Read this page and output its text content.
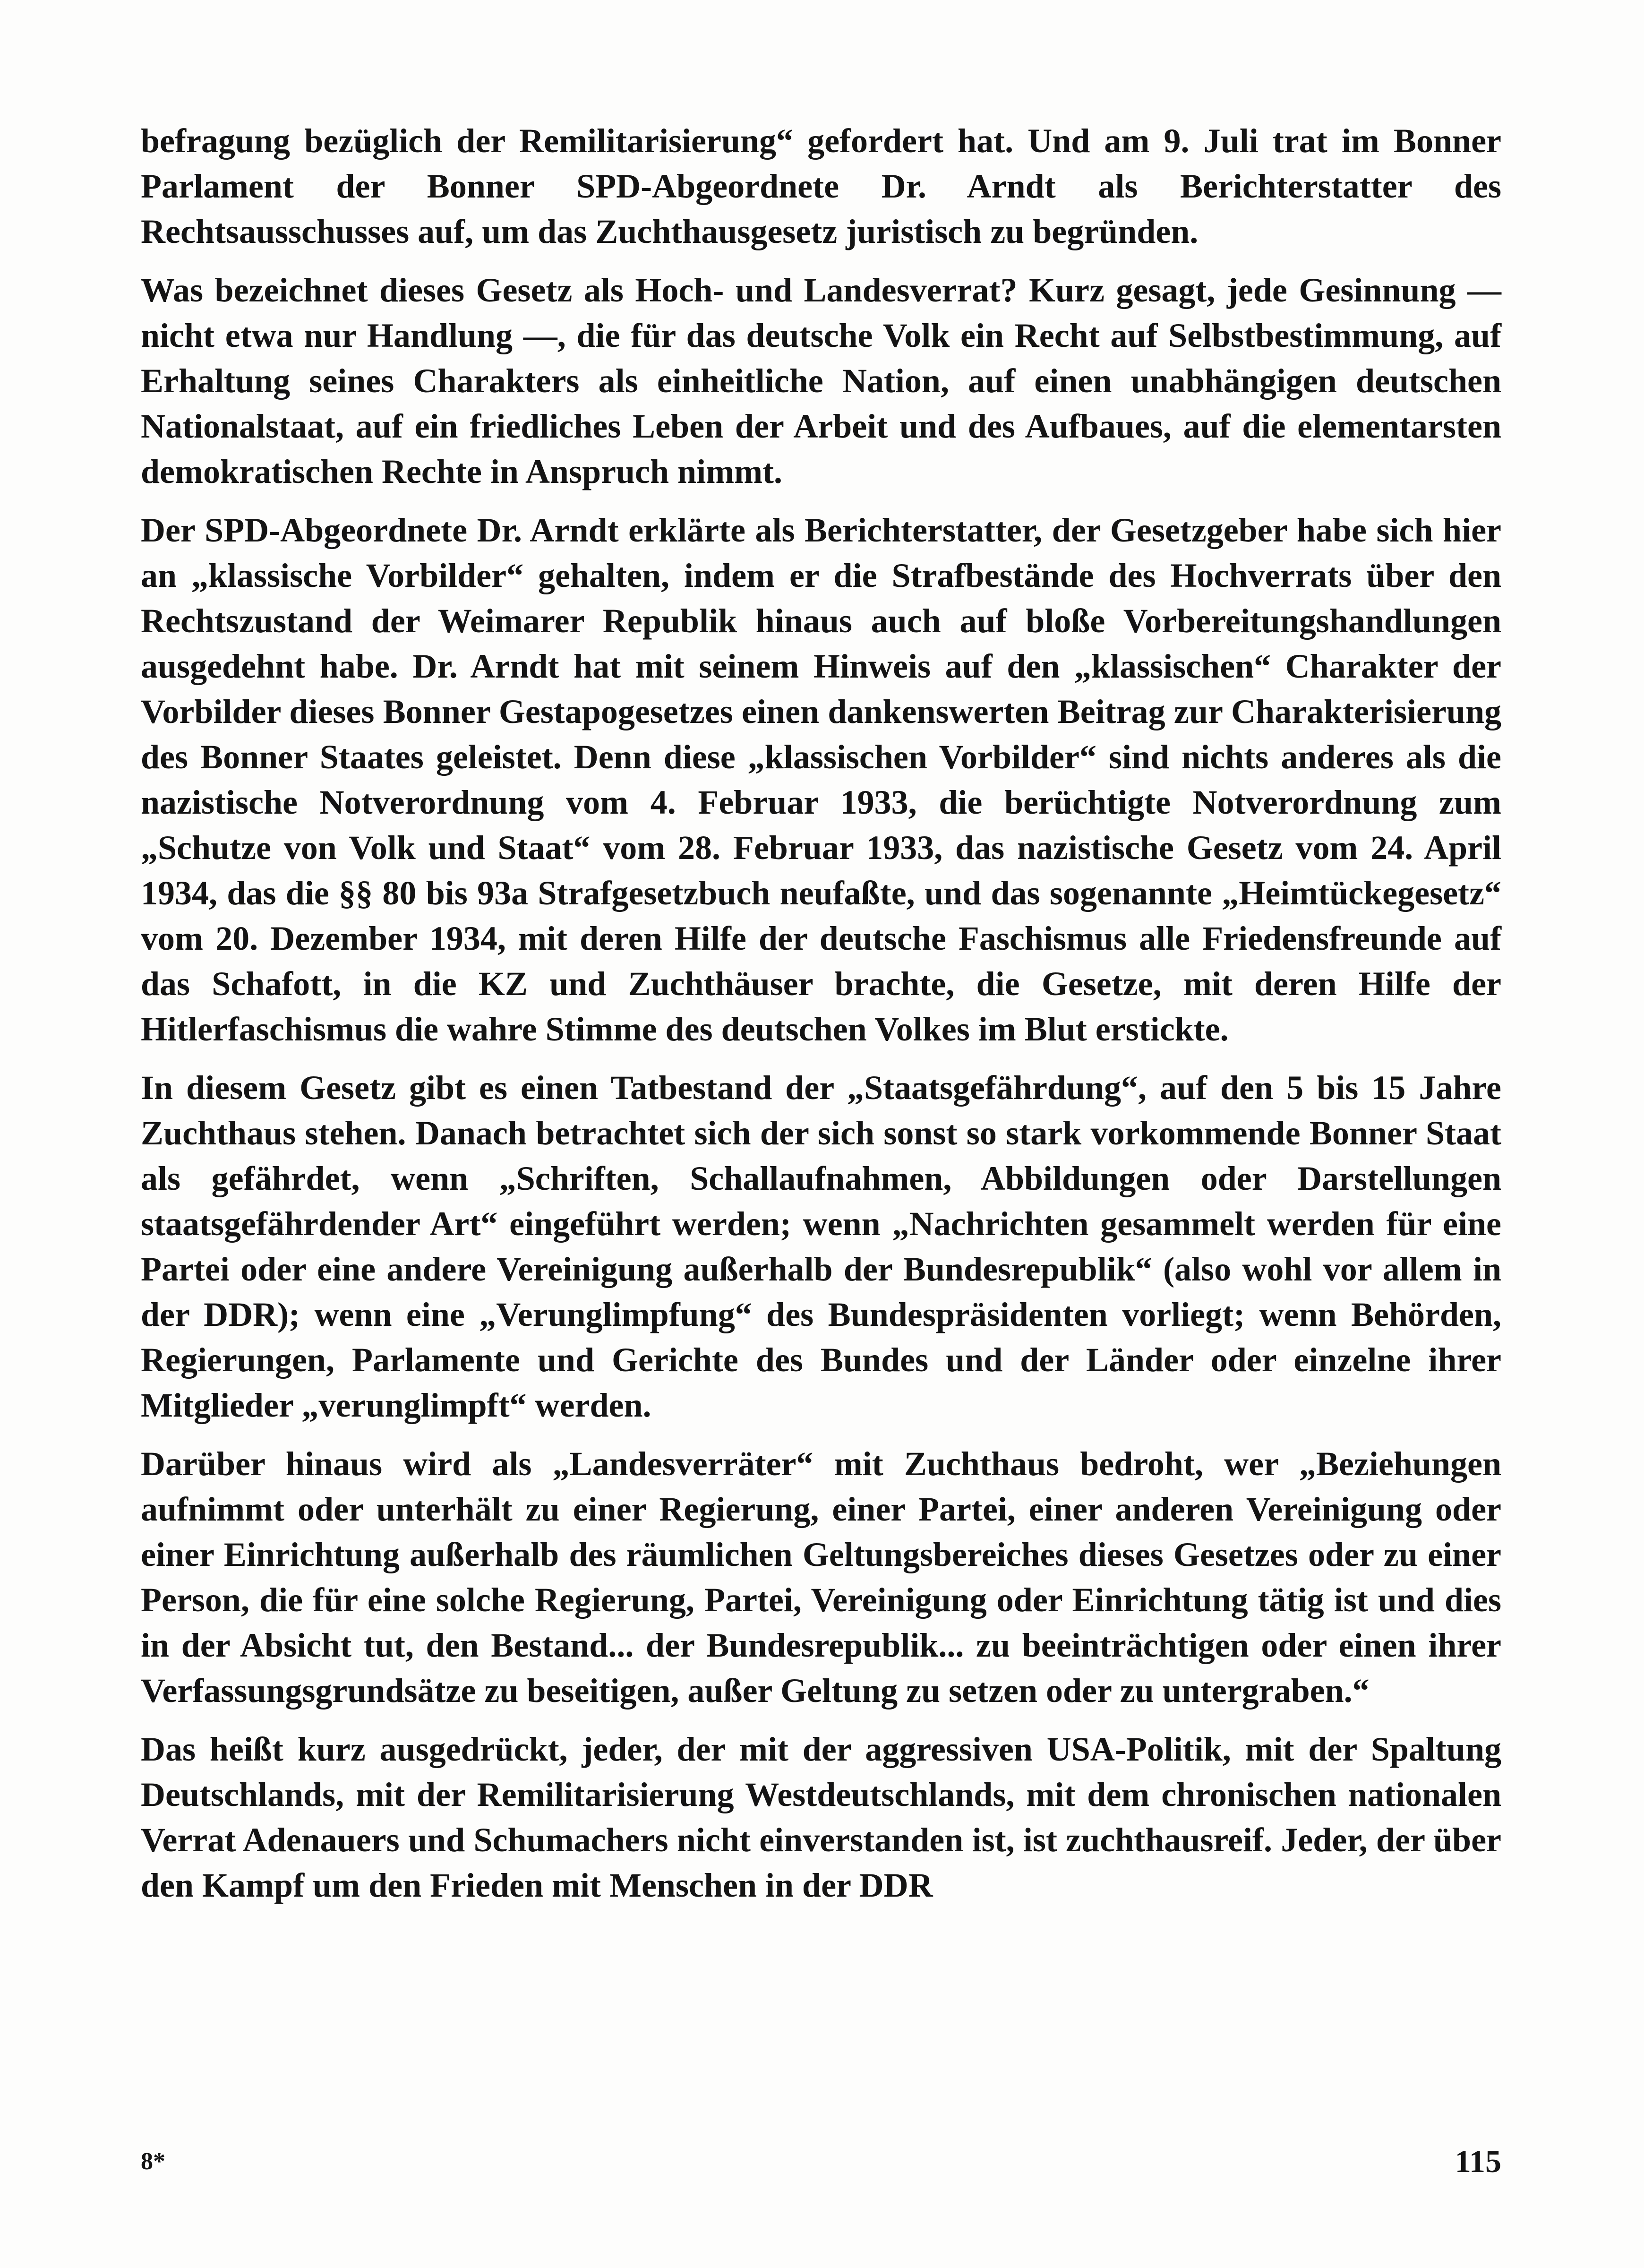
befragung bezüglich der Remilitarisierung“ gefordert hat. Und am 9. Juli trat im Bonner Parlament der Bonner SPD-Abgeordnete Dr. Arndt als Berichterstatter des Rechtsausschusses auf, um das Zuchthausgesetz juristisch zu begründen.

Was bezeichnet dieses Gesetz als Hoch- und Landesverrat? Kurz gesagt, jede Gesinnung — nicht etwa nur Handlung —, die für das deutsche Volk ein Recht auf Selbstbestimmung, auf Erhaltung seines Charakters als einheitliche Nation, auf einen unabhängigen deutschen Nationalstaat, auf ein friedliches Leben der Arbeit und des Aufbaues, auf die elementarsten demokratischen Rechte in Anspruch nimmt.

Der SPD-Abgeordnete Dr. Arndt erklärte als Berichterstatter, der Gesetzgeber habe sich hier an „klassische Vorbilder“ gehalten, indem er die Strafbestände des Hochverrats über den Rechtszustand der Weimarer Republik hinaus auch auf bloße Vorbereitungshandlungen ausgedehnt habe. Dr. Arndt hat mit seinem Hinweis auf den „klassischen“ Charakter der Vorbilder dieses Bonner Gestapogesetzes einen dankenswerten Beitrag zur Charakterisierung des Bonner Staates geleistet. Denn diese „klassischen Vorbilder“ sind nichts anderes als die nazistische Notverordnung vom 4. Februar 1933, die berüchtigte Notverordnung zum „Schutze von Volk und Staat“ vom 28. Februar 1933, das nazistische Gesetz vom 24. April 1934, das die §§ 80 bis 93a Strafgesetzbuch neufaßte, und das sogenannte „Heimtückegesetz“ vom 20. Dezember 1934, mit deren Hilfe der deutsche Faschismus alle Friedensfreunde auf das Schafott, in die KZ und Zuchthäuser brachte, die Gesetze, mit deren Hilfe der Hitlerfaschismus die wahre Stimme des deutschen Volkes im Blut erstickte.

In diesem Gesetz gibt es einen Tatbestand der „Staatsgefährdung“, auf den 5 bis 15 Jahre Zuchthaus stehen. Danach betrachtet sich der sich sonst so stark vorkommende Bonner Staat als gefährdet, wenn „Schriften, Schallaufnahmen, Abbildungen oder Darstellungen staatsgefährdender Art“ eingeführt werden; wenn „Nachrichten gesammelt werden für eine Partei oder eine andere Vereinigung außerhalb der Bundesrepublik“ (also wohl vor allem in der DDR); wenn eine „Verunglimpfung“ des Bundespräsidenten vorliegt; wenn Behörden, Regierungen, Parlamente und Gerichte des Bundes und der Länder oder einzelne ihrer Mitglieder „verunglimpft“ werden.

Darüber hinaus wird als „Landesverräter“ mit Zuchthaus bedroht, wer „Beziehungen aufnimmt oder unterhält zu einer Regierung, einer Partei, einer anderen Vereinigung oder einer Einrichtung außerhalb des räumlichen Geltungsbereiches dieses Gesetzes oder zu einer Person, die für eine solche Regierung, Partei, Vereinigung oder Einrichtung tätig ist und dies in der Absicht tut, den Bestand... der Bundesrepublik... zu beeinträchtigen oder einen ihrer Verfassungsgrundsätze zu beseitigen, außer Geltung zu setzen oder zu untergraben.“

Das heißt kurz ausgedrückt, jeder, der mit der aggressiven USA-Politik, mit der Spaltung Deutschlands, mit der Remilitarisierung Westdeutschlands, mit dem chronischen nationalen Verrat Adenauers und Schumachers nicht einverstanden ist, ist zuchthausreif. Jeder, der über den Kampf um den Frieden mit Menschen in der DDR

8*	115
